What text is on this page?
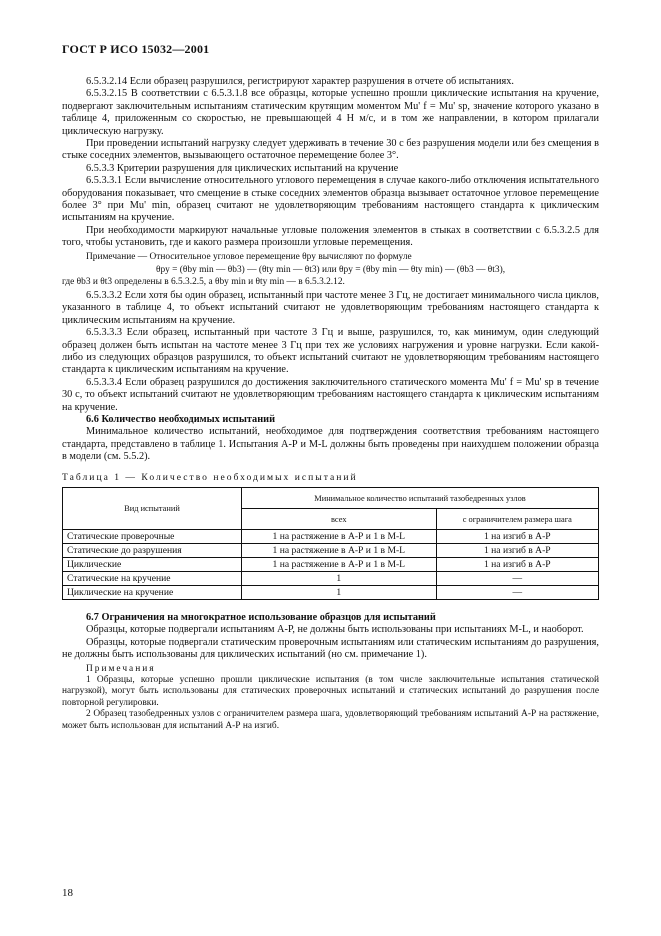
ГОСТ Р ИСО 15032—2001

6.5.3.2.14 Если образец разрушился, регистрируют характер разрушения в отчете об испытаниях.

6.5.3.2.15 В соответствии с 6.5.3.1.8 все образцы, которые успешно прошли циклические испытания на кручение, подвергают заключительным испытаниям статическим крутящим моментом Mu' f = Mu' sp, значение которого указано в таблице 4, приложенным со скоростью, не превышающей 4 Н м/с, и в том же направлении, в котором прилагали циклическую нагрузку.

При проведении испытаний нагрузку следует удерживать в течение 30 с без разрушения модели или без смещения в стыке соседних элементов, вызывающего остаточное перемещение более 3°.

6.5.3.3 Критерии разрушения для циклических испытаний на кручение

6.5.3.3.1 Если вычисление относительного углового перемещения в случае какого-либо отключения испытательного оборудования показывает, что смещение в стыке соседних элементов образца вызывает остаточное угловое перемещение более 3° при Mu' min, образец считают не удовлетворяющим требованиям настоящего стандарта к циклическим испытаниям на кручение.

При необходимости маркируют начальные угловые положения элементов в стыках в соответствии с 6.5.3.2.5 для того, чтобы установить, где и какого размера произошли угловые перемещения.

Примечание — Относительное угловое перемещение θpy вычисляют по формуле

θpy = (θby min — θb3) — (θty min — θt3) или θpy = (θby min — θty min) — (θb3 — θt3),

где θb3 и θt3 определены в 6.5.3.2.5, а θby min и θty min — в 6.5.3.2.12.

6.5.3.3.2 Если хотя бы один образец, испытанный при частоте менее 3 Гц, не достигает минимального числа циклов, указанного в таблице 4, то объект испытаний считают не удовлетворяющим требованиям настоящего стандарта к циклическим испытаниям на кручение.

6.5.3.3.3 Если образец, испытанный при частоте 3 Гц и выше, разрушился, то, как минимум, один следующий образец должен быть испытан на частоте менее 3 Гц при тех же условиях нагружения и уровне нагрузки. Если какой-либо из следующих образцов разрушился, то объект испытаний считают не удовлетворяющим требованиям настоящего стандарта к циклическим испытаниям на кручение.

6.5.3.3.4 Если образец разрушился до достижения заключительного статического момента Mu' f = Mu' sp в течение 30 с, то объект испытаний считают не удовлетворяющим требованиям настоящего стандарта к циклическим испытаниям на кручение.

6.6 Количество необходимых испытаний

Минимальное количество испытаний, необходимое для подтверждения соответствия требованиям настоящего стандарта, представлено в таблице 1. Испытания А-Р и M-L должны быть проведены при наихудшем положении образца в модели (см. 5.5.2).

Таблица 1 — Количество необходимых испытаний
Вид испытаний	Минимальное количество испытаний тазобедренных узлов	
	всех	с ограничителем размера шага
Статические проверочные	1 на растяжение в А-Р и 1 в M-L	1 на изгиб в А-Р
Статические до разрушения	1 на растяжение в А-Р и 1 в M-L	1 на изгиб в А-Р
Циклические	1 на растяжение в А-Р и 1 в M-L	1 на изгиб в А-Р
Статические на кручение	1	—
Циклические на кручение	1	—

6.7 Ограничения на многократное использование образцов для испытаний

Образцы, которые подвергали испытаниям А-Р, не должны быть использованы при испытаниях М-L, и наоборот.

Образцы, которые подвергали статическим проверочным испытаниям или статическим испытаниям до разрушения, не должны быть использованы для циклических испытаний (но см. примечание 1).

Примечания

1 Образцы, которые успешно прошли циклические испытания (в том числе заключительные испытания статической нагрузкой), могут быть использованы для статических проверочных испытаний и статических испытаний до разрушения после повторной регулировки.

2 Образец тазобедренных узлов с ограничителем размера шага, удовлетворяющий требованиям испытаний А-Р на растяжение, может быть использован для испытаний А-Р на изгиб.

18
